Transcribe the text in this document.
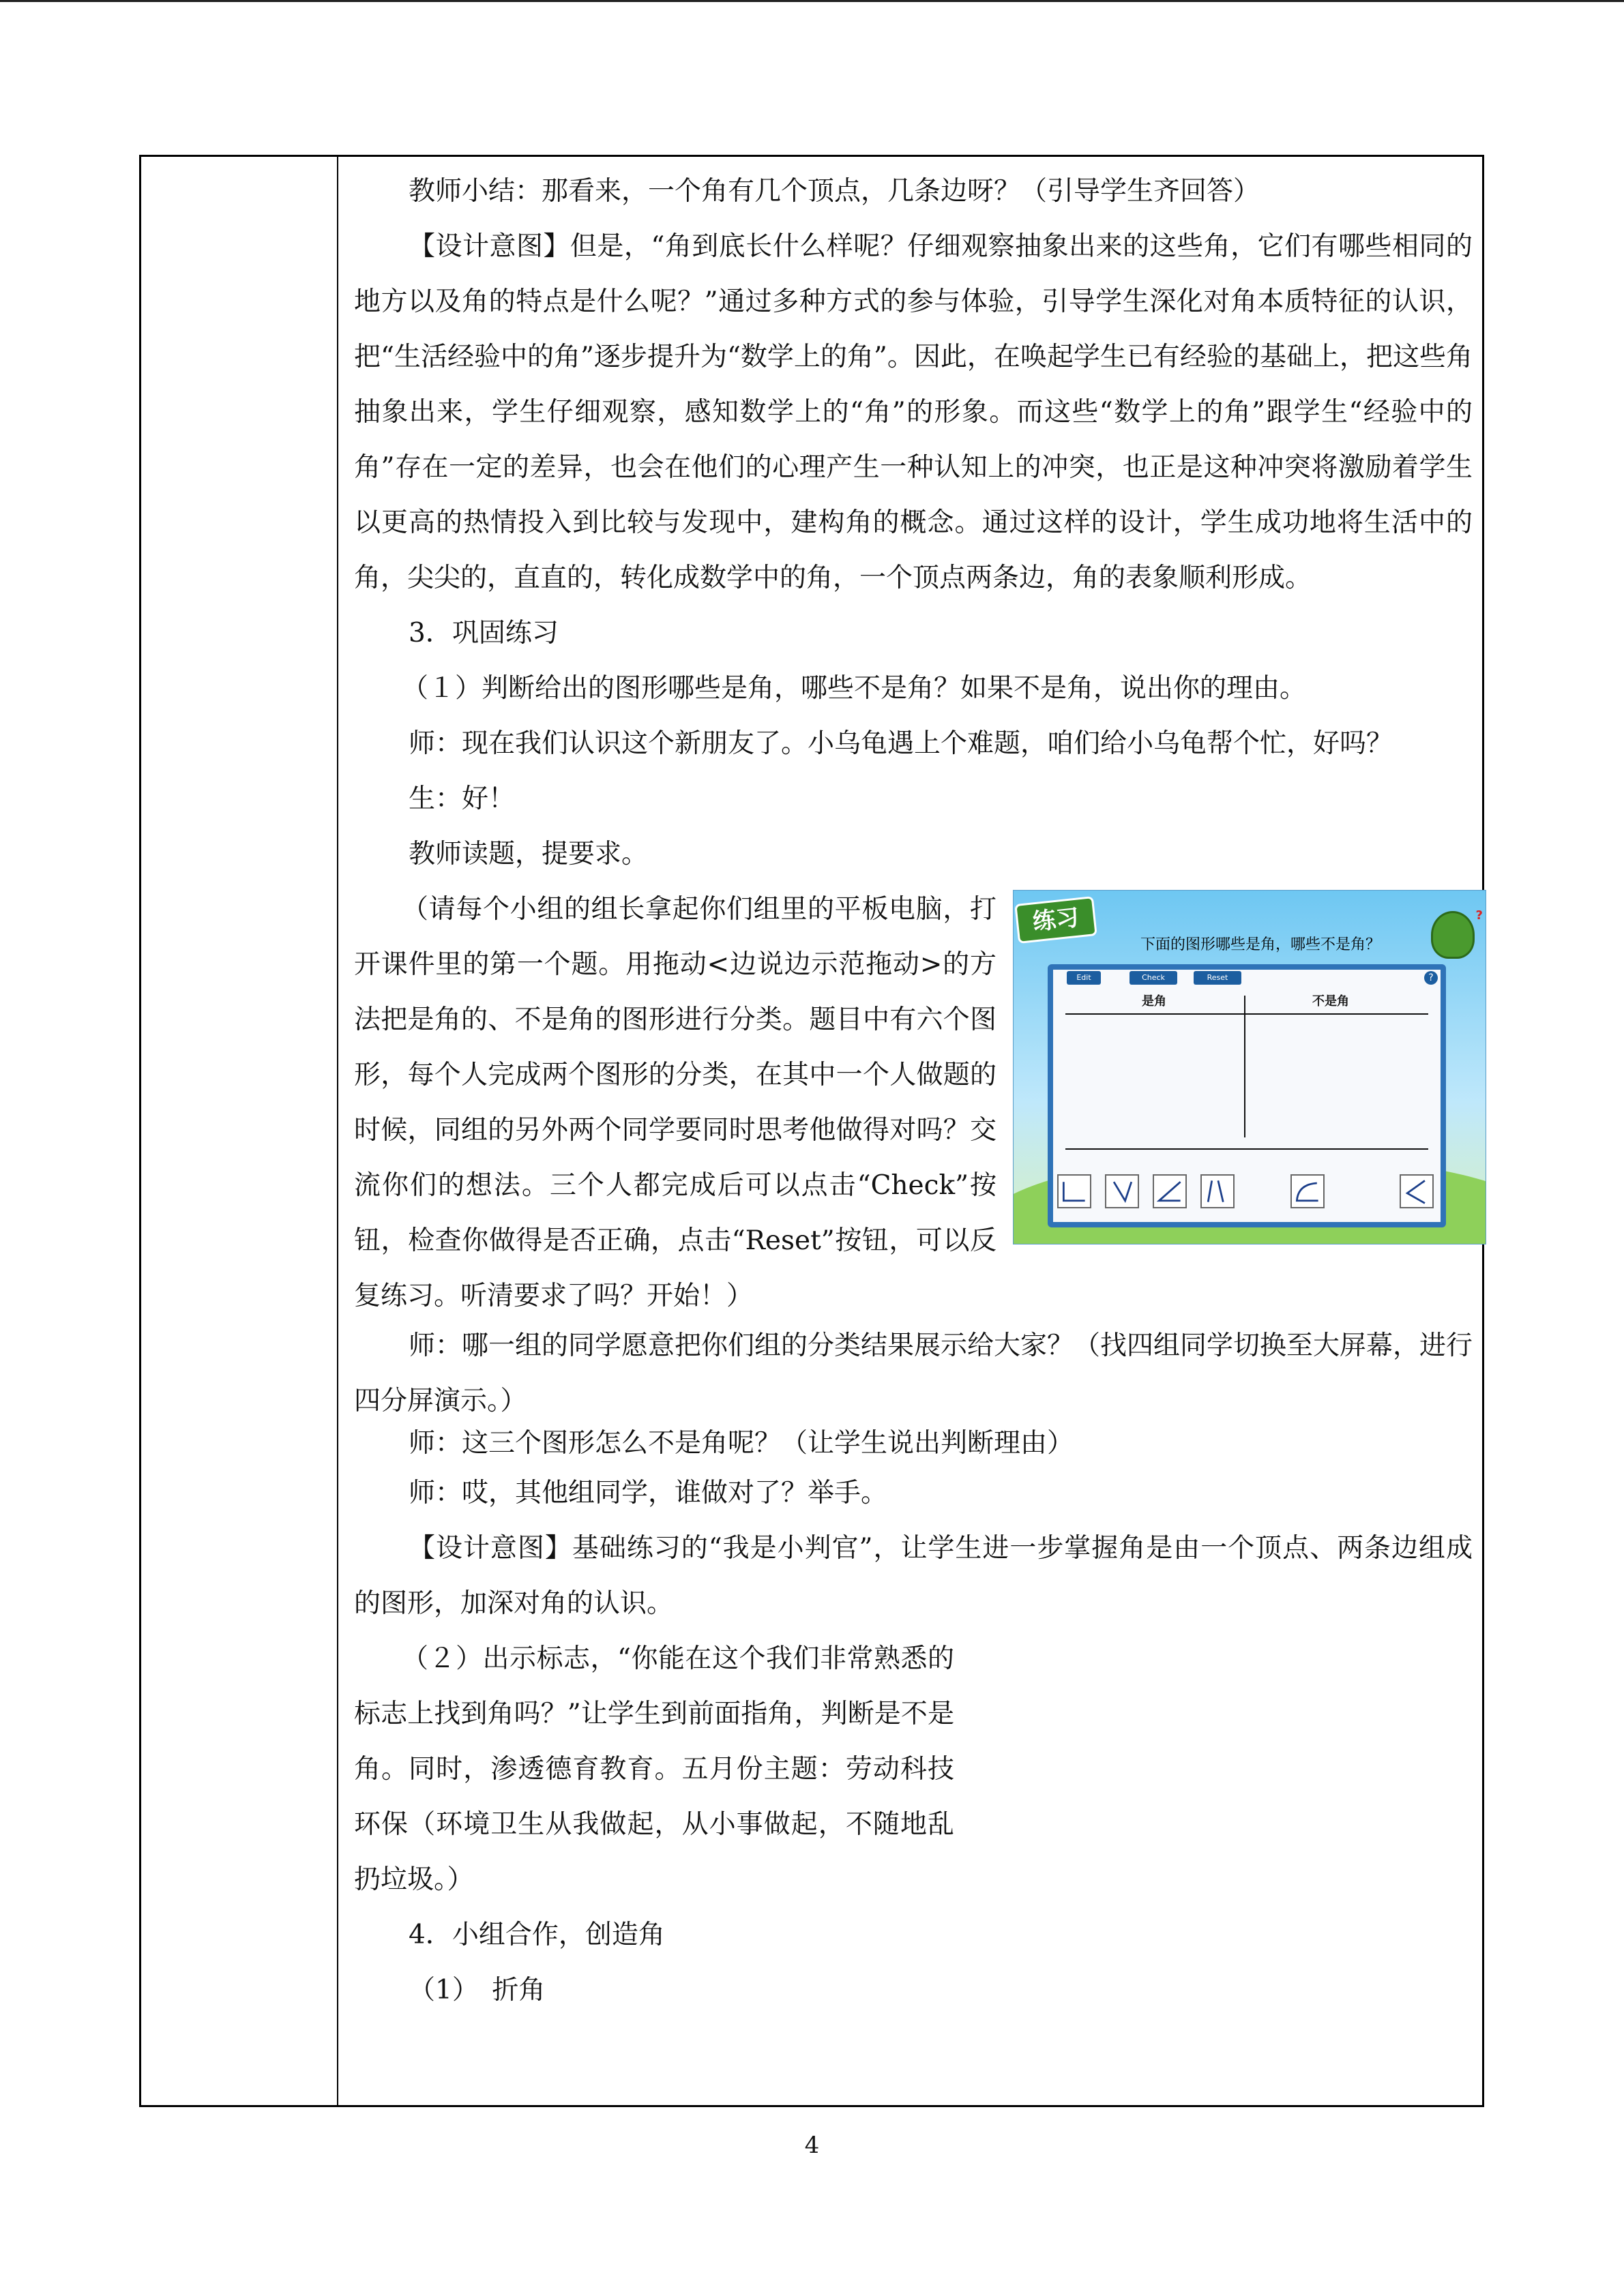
教师小结：那看来，一个角有几个顶点，几条边呀？（引导学生齐回答）

【设计意图】但是，“角到底长什么样呢？仔细观察抽象出来的这些角，它们有哪些相同的地方以及角的特点是什么呢？”通过多种方式的参与体验，引导学生深化对角本质特征的认识，把“生活经验中的角”逐步提升为“数学上的角”。因此，在唤起学生已有经验的基础上，把这些角抽象出来，学生仔细观察，感知数学上的“角”的形象。而这些“数学上的角”跟学生“经验中的角”存在一定的差异，也会在他们的心理产生一种认知上的冲突，也正是这种冲突将激励着学生以更高的热情投入到比较与发现中，建构角的概念。通过这样的设计，学生成功地将生活中的角，尖尖的，直直的，转化成数学中的角，一个顶点两条边，角的表象顺利形成。

3．巩固练习

（１）判断给出的图形哪些是角，哪些不是角？如果不是角，说出你的理由。

师：现在我们认识这个新朋友了。小乌龟遇上个难题，咱们给小乌龟帮个忙，好吗？

生：好！

教师读题，提要求。

练习
下面的图形哪些是角，哪些不是角？
?
Edit	Check	Reset	?
是角	不是角

（请每个小组的组长拿起你们组里的平板电脑，打开课件里的第一个题。用拖动<边说边示范拖动>的方法把是角的、不是角的图形进行分类。题目中有六个图形，每个人完成两个图形的分类，在其中一个人做题的时候，同组的另外两个同学要同时思考他做得对吗？交流你们的想法。三个人都完成后可以点击“Check”按钮，检查你做得是否正确，点击“Reset”按钮，可以反复练习。听清要求了吗？开始！）

师：哪一组的同学愿意把你们组的分类结果展示给大家？（找四组同学切换至大屏幕，进行四分屏演示。）

师：这三个图形怎么不是角呢？（让学生说出判断理由）

师：哎，其他组同学，谁做对了？举手。

【设计意图】基础练习的“我是小判官”，让学生进一步掌握角是由一个顶点、两条边组成的图形，加深对角的认识。

（２）出示标志，“你能在这个我们非常熟悉的标志上找到角吗？”让学生到前面指角，判断是不是角。同时，渗透德育教育。五月份主题：劳动科技环保（环境卫生从我做起，从小事做起，不随地乱扔垃圾。）

4．小组合作，创造角

（1）　折角

4
